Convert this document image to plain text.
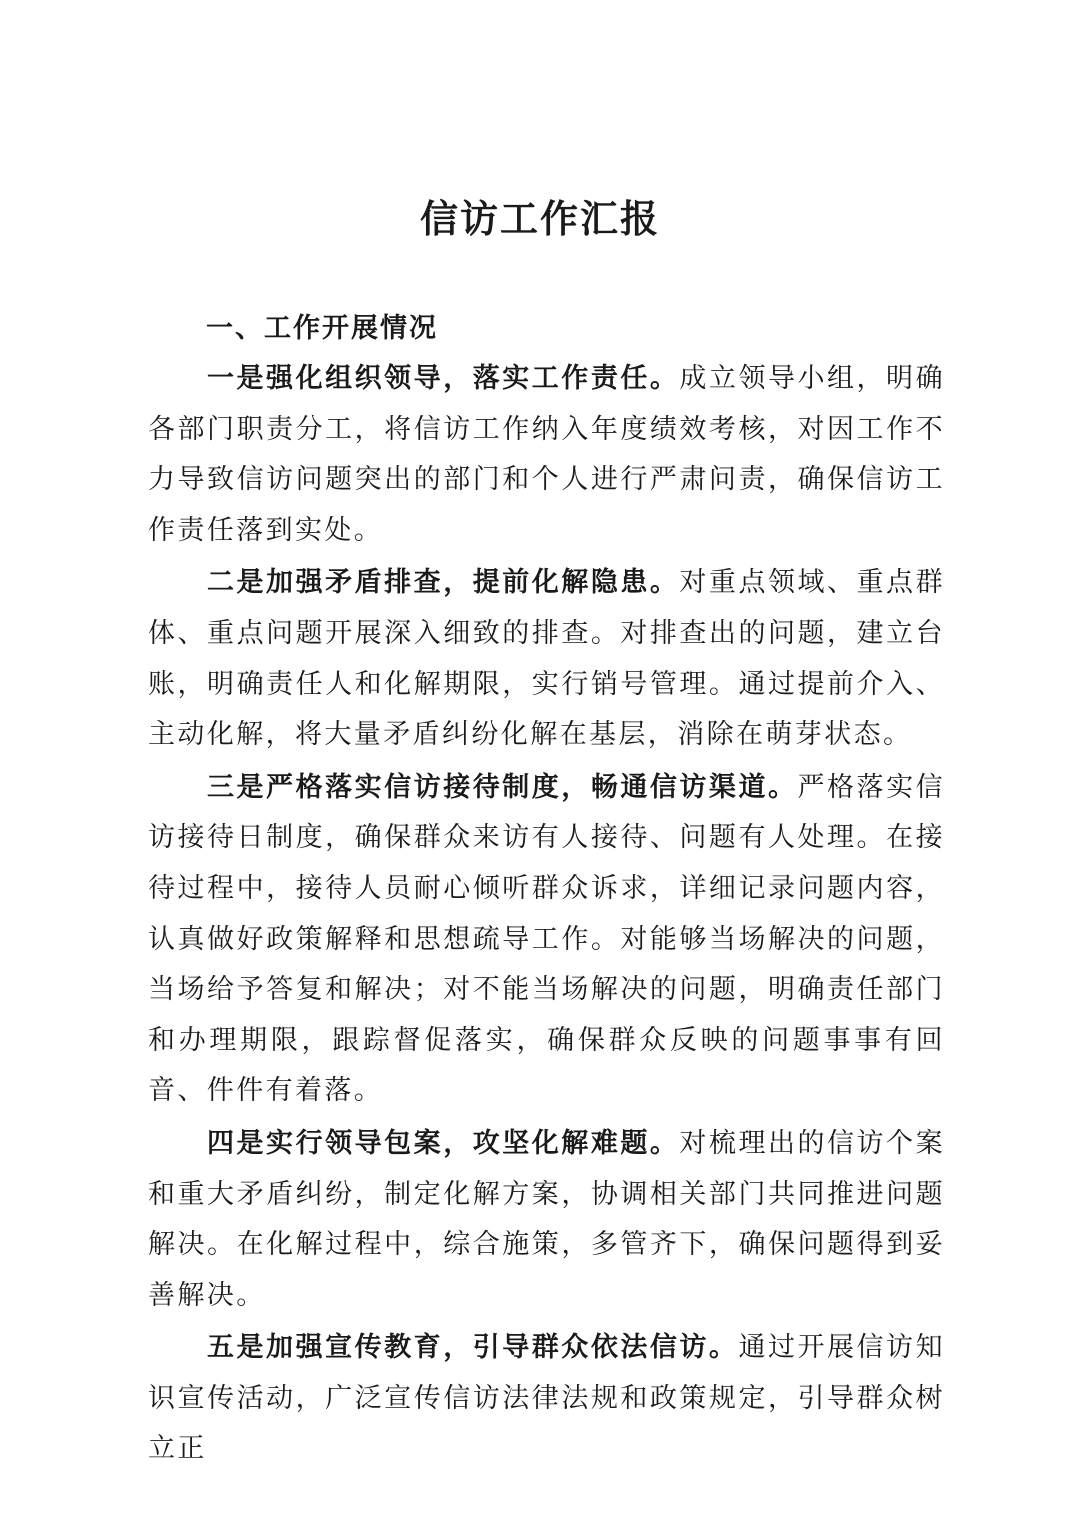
信访工作汇报

一、工作开展情况

一是强化组织领导，落实工作责任。成立领导小组，明确各部门职责分工，将信访工作纳入年度绩效考核，对因工作不力导致信访问题突出的部门和个人进行严肃问责，确保信访工作责任落到实处。

二是加强矛盾排查，提前化解隐患。对重点领域、重点群体、重点问题开展深入细致的排查。对排查出的问题，建立台账，明确责任人和化解期限，实行销号管理。通过提前介入、主动化解，将大量矛盾纠纷化解在基层，消除在萌芽状态。

三是严格落实信访接待制度，畅通信访渠道。严格落实信访接待日制度，确保群众来访有人接待、问题有人处理。在接待过程中，接待人员耐心倾听群众诉求，详细记录问题内容，认真做好政策解释和思想疏导工作。对能够当场解决的问题，当场给予答复和解决；对不能当场解决的问题，明确责任部门和办理期限，跟踪督促落实，确保群众反映的问题事事有回音、件件有着落。

四是实行领导包案，攻坚化解难题。对梳理出的信访个案和重大矛盾纠纷，制定化解方案，协调相关部门共同推进问题解决。在化解过程中，综合施策，多管齐下，确保问题得到妥善解决。

五是加强宣传教育，引导群众依法信访。通过开展信访知识宣传活动，广泛宣传信访法律法规和政策规定，引导群众树立正
